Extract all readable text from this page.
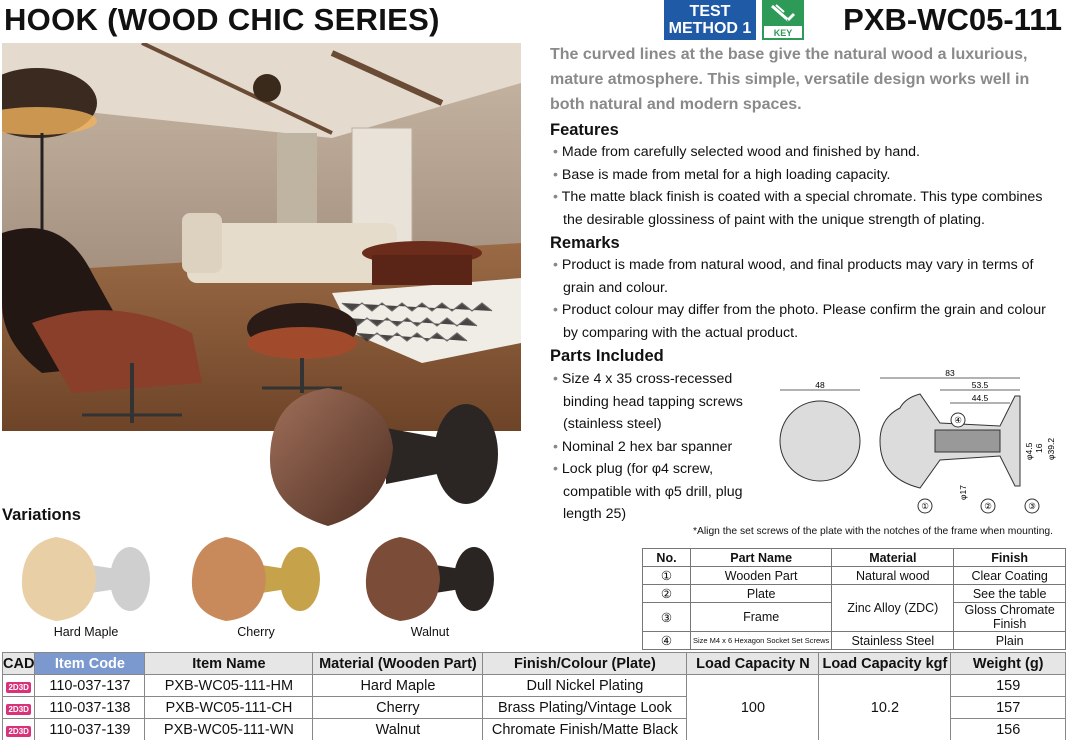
HOOK (WOOD CHIC SERIES)	TEST METHOD 1	HEX KEY	PXB-WC05-111
The curved lines at the base give the natural wood a luxurious, mature atmosphere. This simple, versatile design works well in both natural and modern spaces.
Features
• Made from carefully selected wood and finished by hand.
• Base is made from metal for a high loading capacity.
• The matte black finish is coated with a special chromate. This type combines the desirable glossiness of paint with the unique strength of plating.
Remarks
• Product is made from natural wood, and final products may vary in terms of grain and colour.
• Product colour may differ from the photo. Please confirm the grain and colour by comparing with the actual product.
Parts Included
• Size 4 x 35 cross-recessed binding head tapping screws (stainless steel)
• Nominal 2 hex bar spanner
• Lock plug (for φ4 screw, compatible with φ5 drill, plug length 25)
48
83
53.5
44.5
φ4.5 16 φ39.2
φ17
④
①	②	③
*Align the set screws of the plate with the notches of the frame when mounting.
No.	Part Name	Material	Finish
①	Wooden Part	Natural wood	Clear Coating
②	Plate	Zinc Alloy (ZDC)	See the table
③	Frame		Gloss Chromate Finish
④	Size M4 x 6 Hexagon Socket Set Screws	Stainless Steel	Plain
Variations
Hard Maple	Cherry	Walnut
CAD	Item Code	Item Name	Material (Wooden Part)	Finish/Colour (Plate)	Load Capacity N	Load Capacity kgf	Weight (g)
2D3D	110-037-137	PXB-WC05-111-HM	Hard Maple	Dull Nickel Plating	100	10.2	159
2D3D	110-037-138	PXB-WC05-111-CH	Cherry	Brass Plating/Vintage Look			157
2D3D	110-037-139	PXB-WC05-111-WN	Walnut	Chromate Finish/Matte Black			156
